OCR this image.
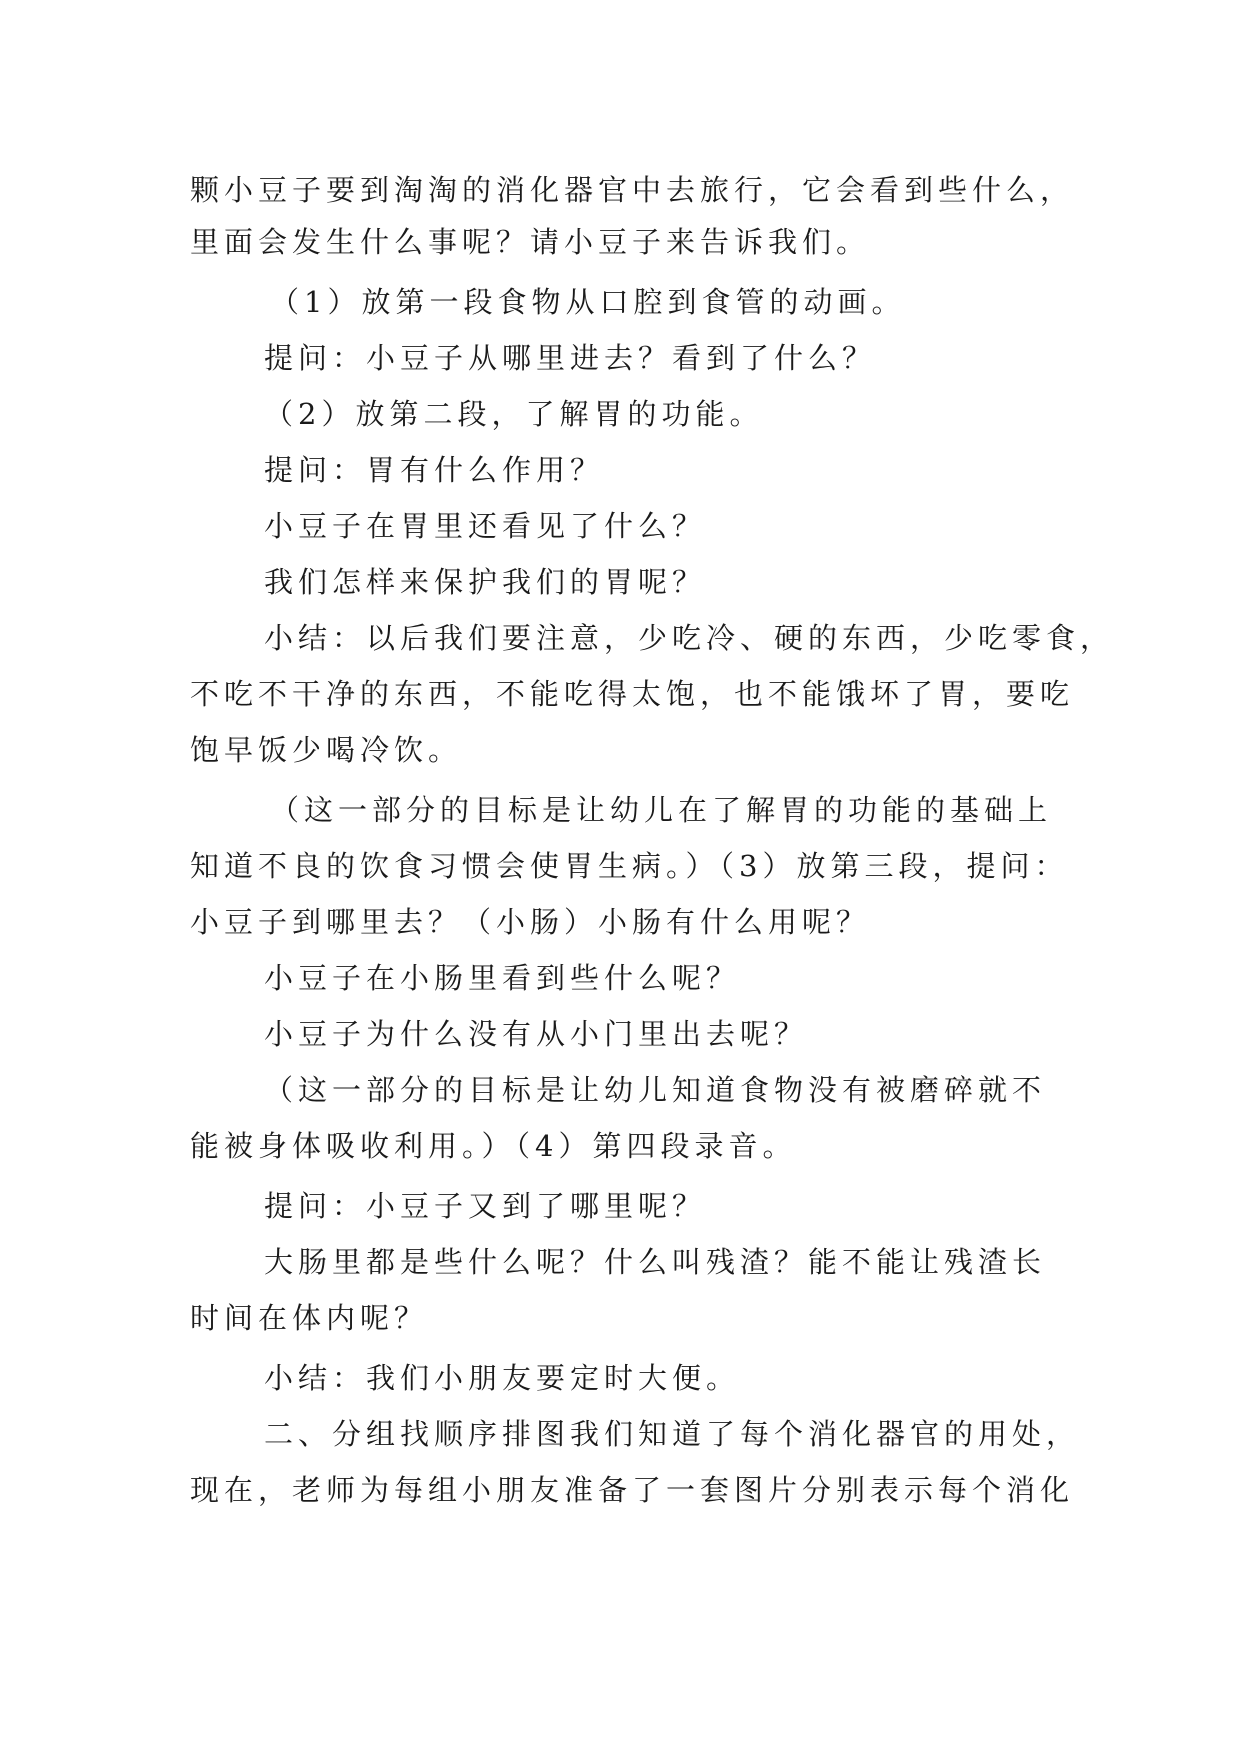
颗小豆子要到淘淘的消化器官中去旅行，它会看到些什么，
里面会发生什么事呢？请小豆子来告诉我们。
（1）放第一段食物从口腔到食管的动画。
提问：小豆子从哪里进去？看到了什么？
（2）放第二段，了解胃的功能。
提问：胃有什么作用？
小豆子在胃里还看见了什么？
我们怎样来保护我们的胃呢？
小结：以后我们要注意，少吃冷、硬的东西，少吃零食，
不吃不干净的东西，不能吃得太饱，也不能饿坏了胃，要吃
饱早饭少喝冷饮。
（这一部分的目标是让幼儿在了解胃的功能的基础上
知道不良的饮食习惯会使胃生病。）（3）放第三段，提问：
小豆子到哪里去？（小肠）小肠有什么用呢？
小豆子在小肠里看到些什么呢？
小豆子为什么没有从小门里出去呢？
（这一部分的目标是让幼儿知道食物没有被磨碎就不
能被身体吸收利用。）（4）第四段录音。
提问：小豆子又到了哪里呢？
大肠里都是些什么呢？什么叫残渣？能不能让残渣长
时间在体内呢？
小结：我们小朋友要定时大便。
二、分组找顺序排图我们知道了每个消化器官的用处，
现在，老师为每组小朋友准备了一套图片分别表示每个消化
